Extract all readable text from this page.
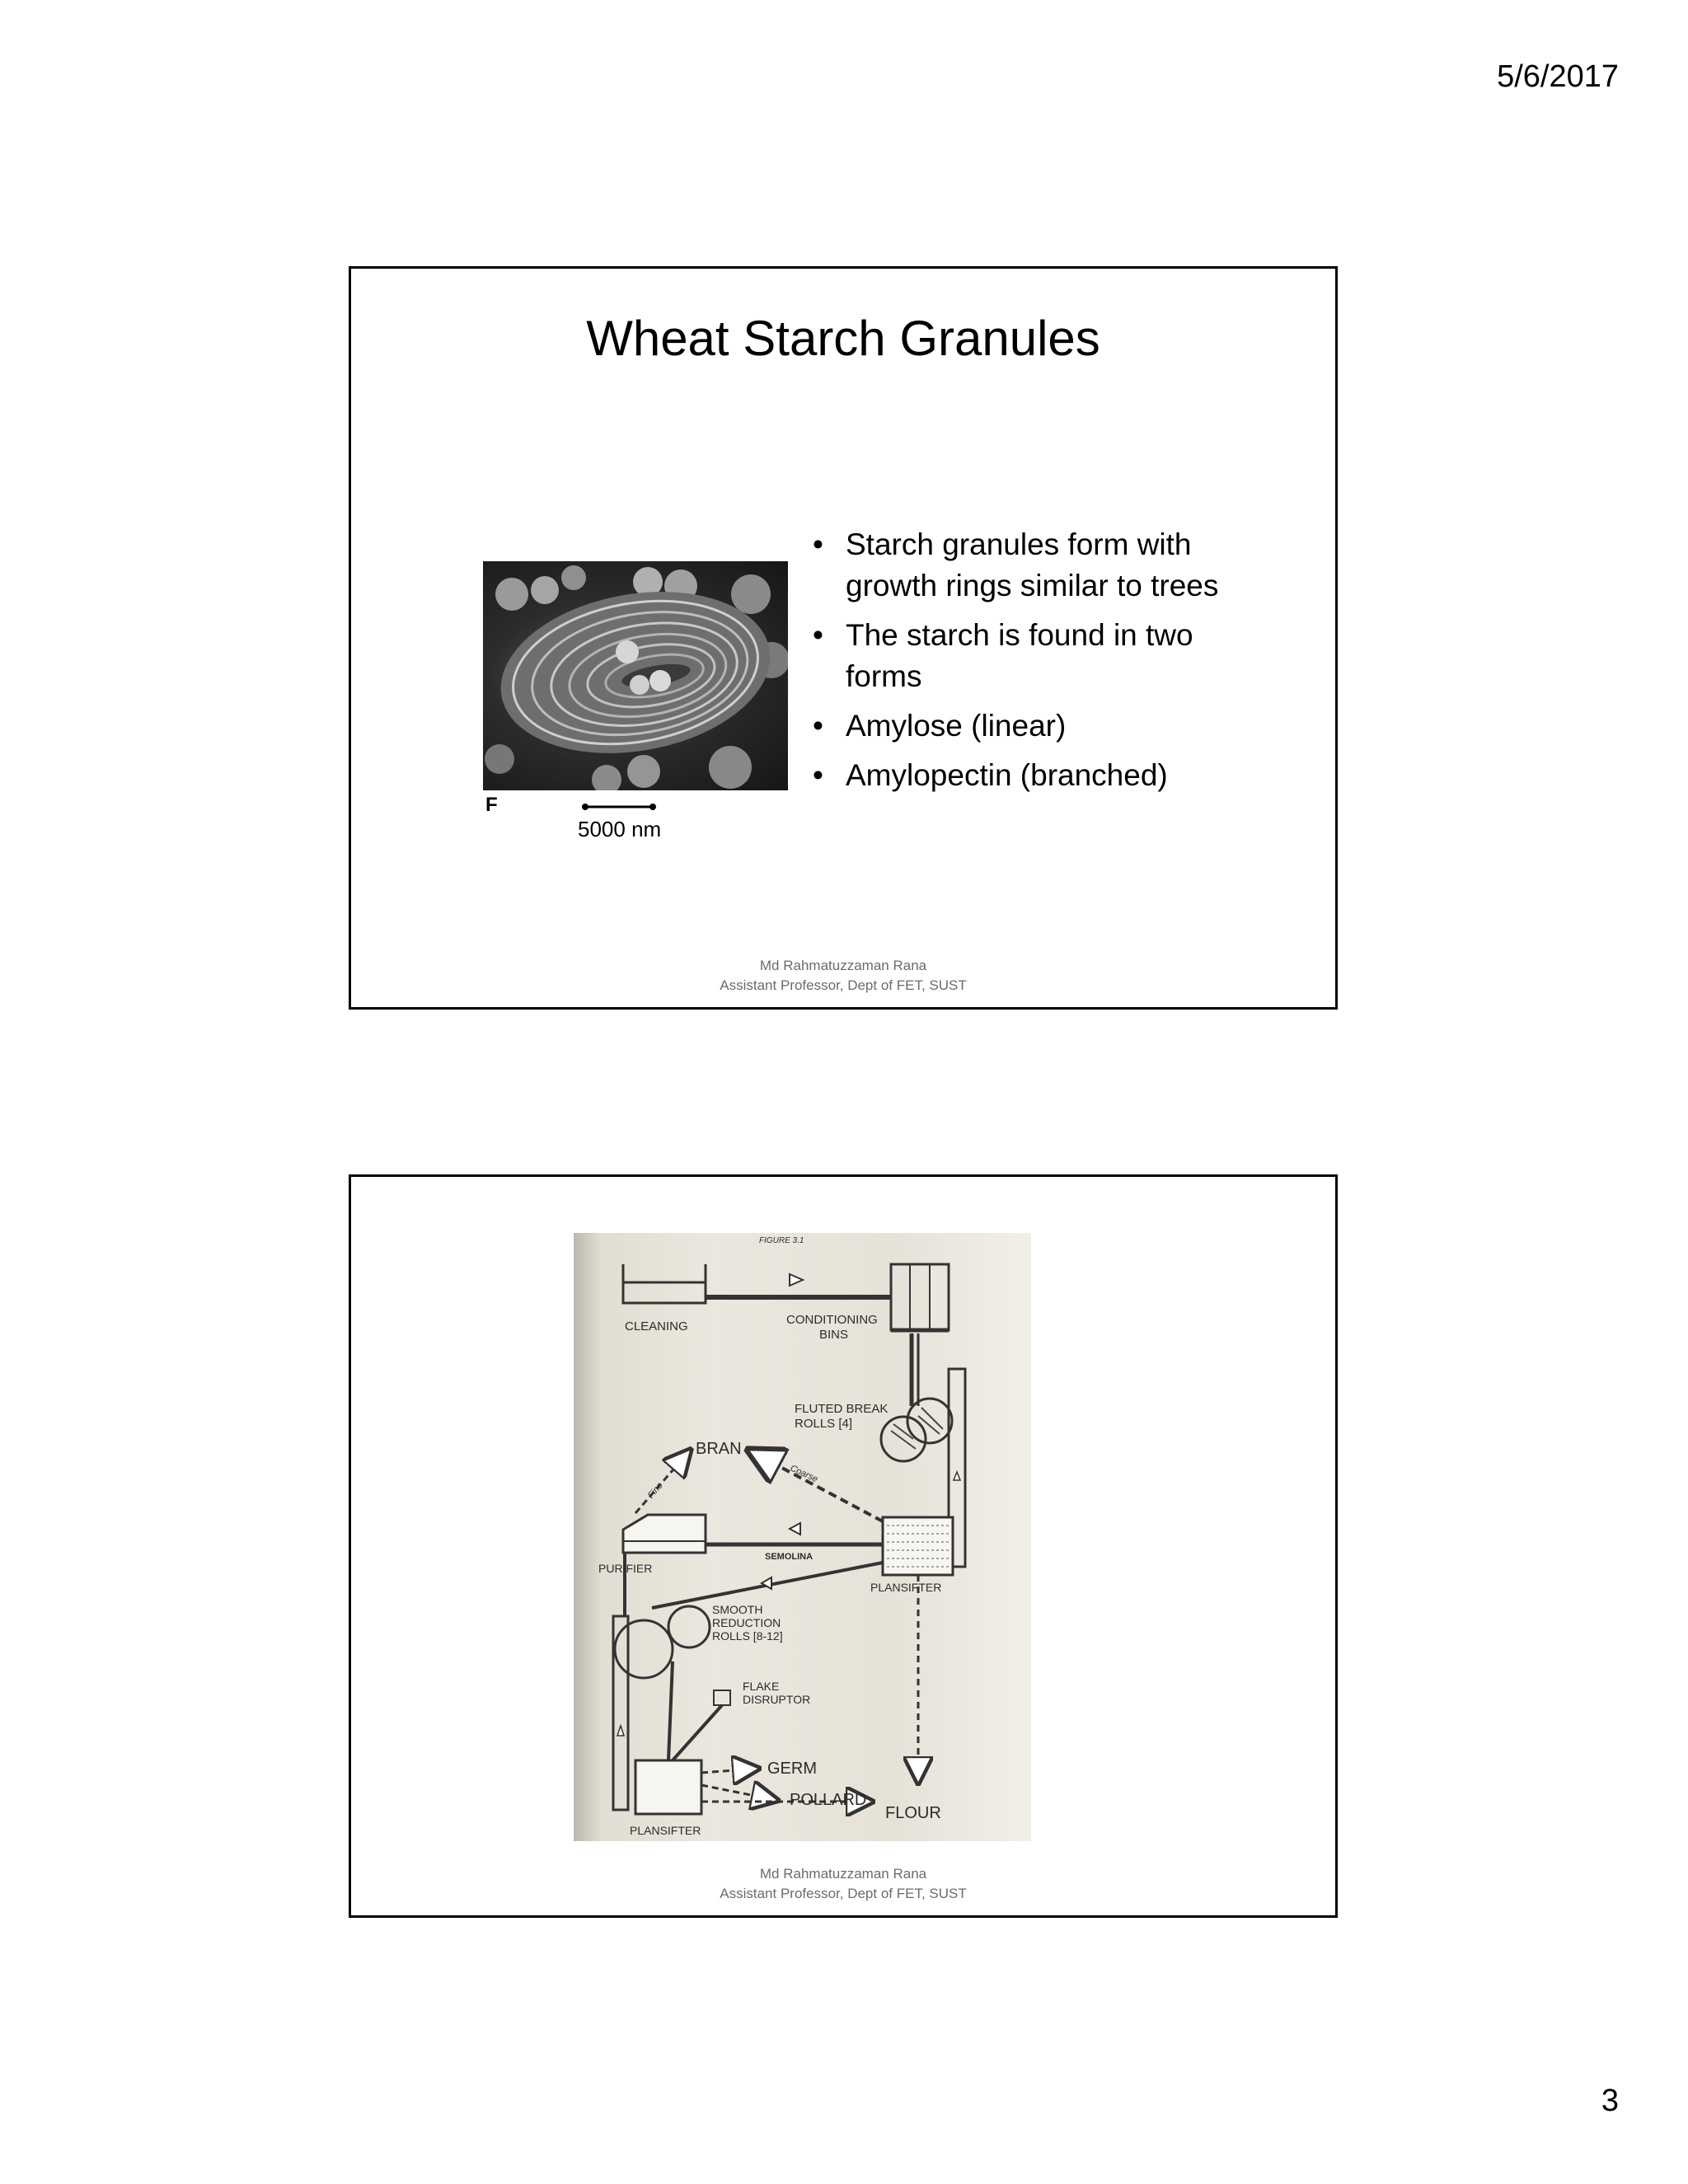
5/6/2017
Wheat Starch Granules
F
5000 nm
• Starch granules form with growth rings similar to trees
• The starch is found in two forms
• Amylose (linear)
• Amylopectin (branched)
Md Rahmatuzzaman Rana
Assistant Professor, Dept of FET, SUST
FIGURE 3.1
CLEANING	CONDITIONING
BINS
FLUTED BREAK
ROLLS [4]
BRAN
Fine
Coarse
SEMOLINA
PURIFIER
PLANSIFTER
SMOOTH
REDUCTION
ROLLS [8-12]
FLAKE
DISRUPTOR
GERM
POLLARD
FLOUR
PLANSIFTER
Md Rahmatuzzaman Rana
Assistant Professor, Dept of FET, SUST
3
